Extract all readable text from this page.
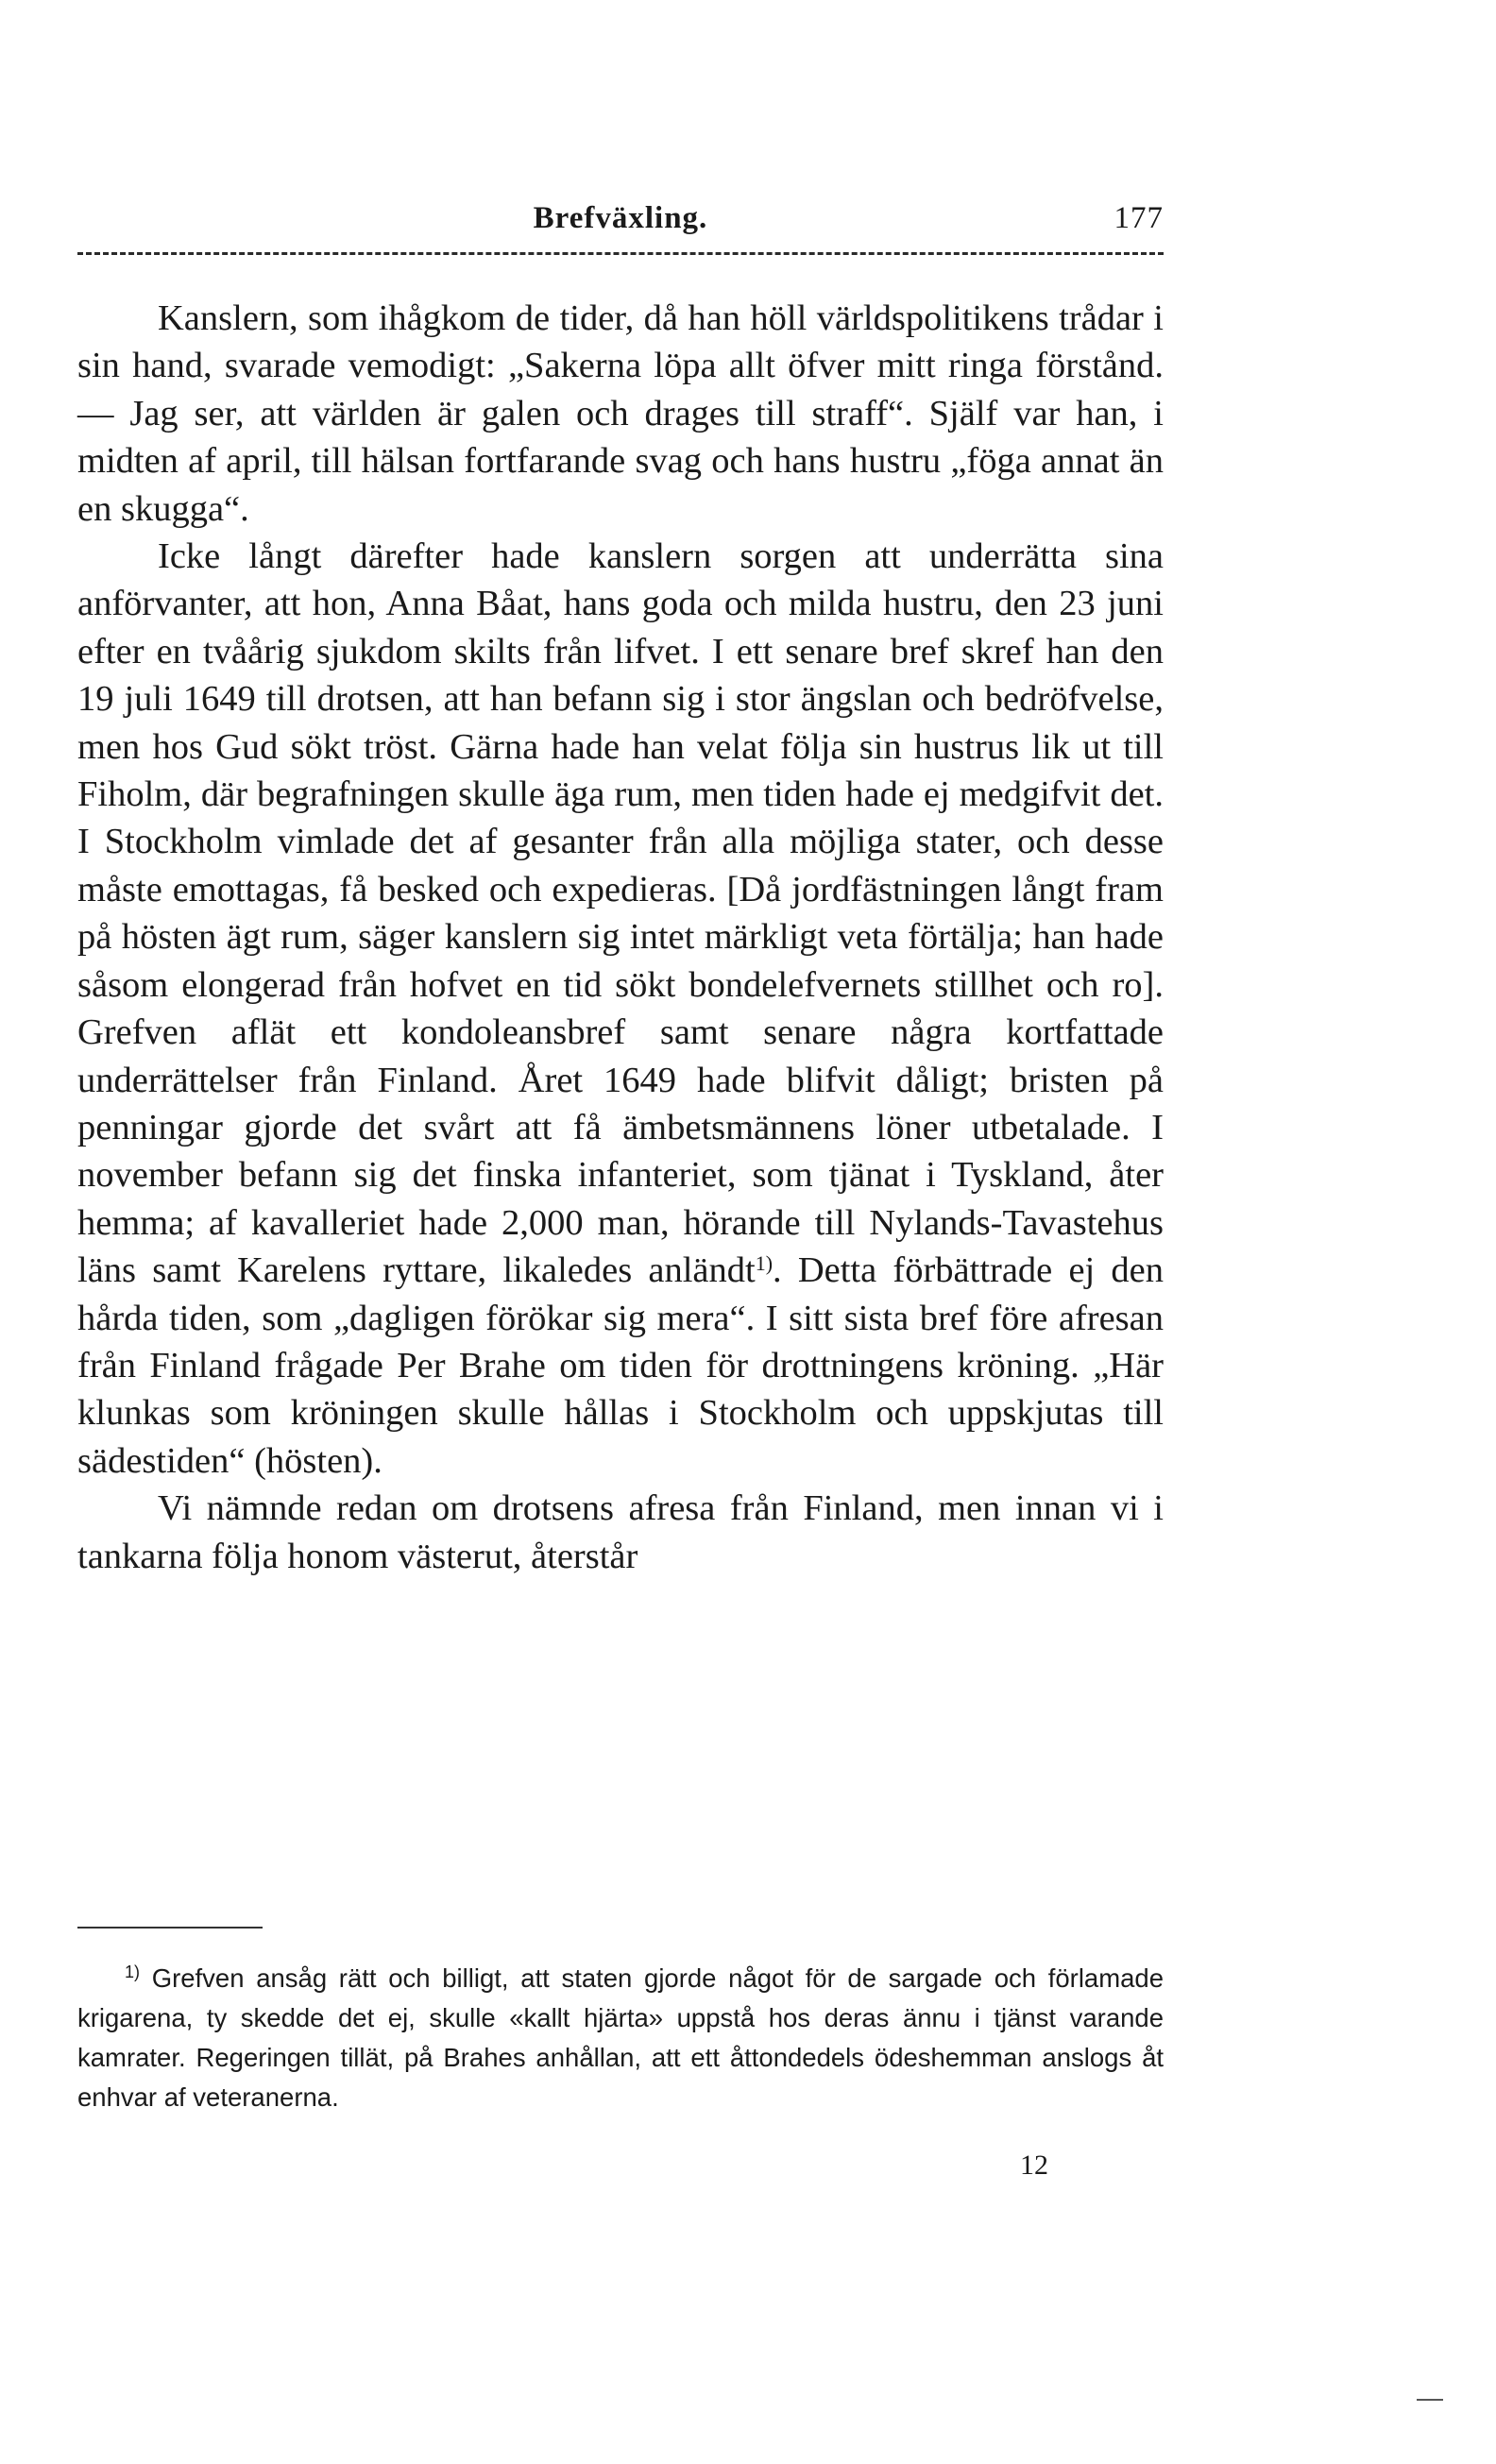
Brefväxling.	177

Kanslern, som ihågkom de tider, då han höll världspolitikens trådar i sin hand, svarade vemodigt: „Sakerna löpa allt öfver mitt ringa förstånd. — Jag ser, att världen är galen och drages till straff“. Själf var han, i midten af april, till hälsan fortfarande svag och hans hustru „föga annat än en skugga“.

Icke långt därefter hade kanslern sorgen att underrätta sina anförvanter, att hon, Anna Båat, hans goda och milda hustru, den 23 juni efter en tvåårig sjukdom skilts från lifvet. I ett senare bref skref han den 19 juli 1649 till drotsen, att han befann sig i stor ängslan och bedröfvelse, men hos Gud sökt tröst. Gärna hade han velat följa sin hustrus lik ut till Fiholm, där begrafningen skulle äga rum, men tiden hade ej medgifvit det. I Stockholm vimlade det af gesanter från alla möjliga stater, och desse måste emottagas, få besked och expedieras. [Då jordfästningen långt fram på hösten ägt rum, säger kanslern sig intet märkligt veta förtälja; han hade såsom elongerad från hofvet en tid sökt bondelefvernets stillhet och ro]. Grefven aflät ett kondoleansbref samt senare några kortfattade underrättelser från Finland. Året 1649 hade blifvit dåligt; bristen på penningar gjorde det svårt att få ämbetsmännens löner utbetalade. I november befann sig det finska infanteriet, som tjänat i Tyskland, åter hemma; af kavalleriet hade 2,000 man, hörande till Nylands-Tavastehus läns samt Karelens ryttare, likaledes anländt$^{1)}$. Detta förbättrade ej den hårda tiden, som „dagligen förökar sig mera“. I sitt sista bref före afresan från Finland frågade Per Brahe om tiden för drottningens kröning. „Här klunkas som kröningen skulle hållas i Stockholm och uppskjutas till sädestiden“ (hösten).

Vi nämnde redan om drotsens afresa från Finland, men innan vi i tankarna följa honom västerut, återstår

$^{1)}$ Grefven ansåg rätt och billigt, att staten gjorde något för de sargade och förlamade krigarena, ty skedde det ej, skulle «kallt hjärta» uppstå hos deras ännu i tjänst varande kamrater. Regeringen tillät, på Brahes anhållan, att ett åttondedels ödeshemman anslogs åt enhvar af veteranerna.

12
